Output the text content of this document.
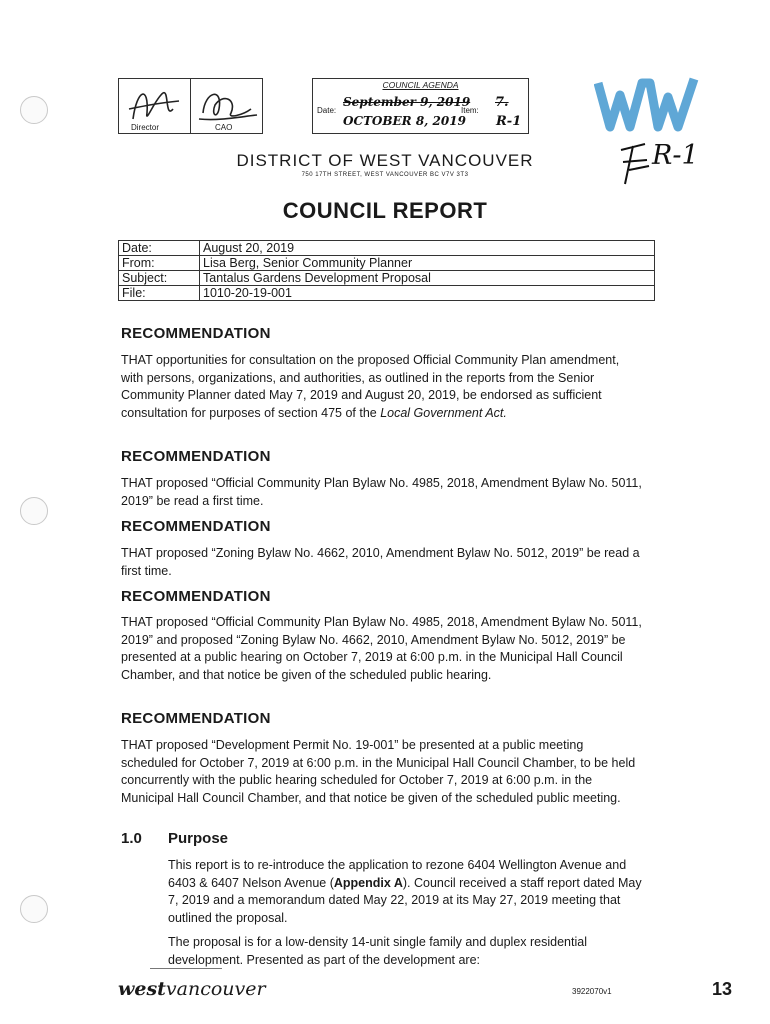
Director	CAO
COUNCIL AGENDA
Date:	Item:
September 9, 2019 7.
OCTOBER 8, 2019 R-1
R-1
DISTRICT OF WEST VANCOUVER
750 17TH STREET, WEST VANCOUVER BC V7V 3T3
COUNCIL REPORT
Date:	August 20, 2019
From:	Lisa Berg, Senior Community Planner
Subject:	Tantalus Gardens Development Proposal
File:	1010-20-19-001
RECOMMENDATION
THAT opportunities for consultation on the proposed Official Community Plan amendment, with persons, organizations, and authorities, as outlined in the reports from the Senior Community Planner dated May 7, 2019 and August 20, 2019, be endorsed as sufficient consultation for purposes of section 475 of the Local Government Act.
RECOMMENDATION
THAT proposed “Official Community Plan Bylaw No. 4985, 2018, Amendment Bylaw No. 5011, 2019” be read a first time.
RECOMMENDATION
THAT proposed “Zoning Bylaw No. 4662, 2010, Amendment Bylaw No. 5012, 2019” be read a first time.
RECOMMENDATION
THAT proposed “Official Community Plan Bylaw No. 4985, 2018, Amendment Bylaw No. 5011, 2019” and proposed “Zoning Bylaw No. 4662, 2010, Amendment Bylaw No. 5012, 2019” be presented at a public hearing on October 7, 2019 at 6:00 p.m. in the Municipal Hall Council Chamber, and that notice be given of the scheduled public hearing.
RECOMMENDATION
THAT proposed “Development Permit No. 19-001” be presented at a public meeting scheduled for October 7, 2019 at 6:00 p.m. in the Municipal Hall Council Chamber, to be held concurrently with the public hearing scheduled for October 7, 2019 at 6:00 p.m. in the Municipal Hall Council Chamber, and that notice be given of the scheduled public meeting.
1.0 Purpose
This report is to re-introduce the application to rezone 6404 Wellington Avenue and 6403 & 6407 Nelson Avenue (Appendix A). Council received a staff report dated May 7, 2019 and a memorandum dated May 22, 2019 at its May 27, 2019 meeting that outlined the proposal.
The proposal is for a low-density 14-unit single family and duplex residential development. Presented as part of the development are:
westvancouver	3922070v1	13
